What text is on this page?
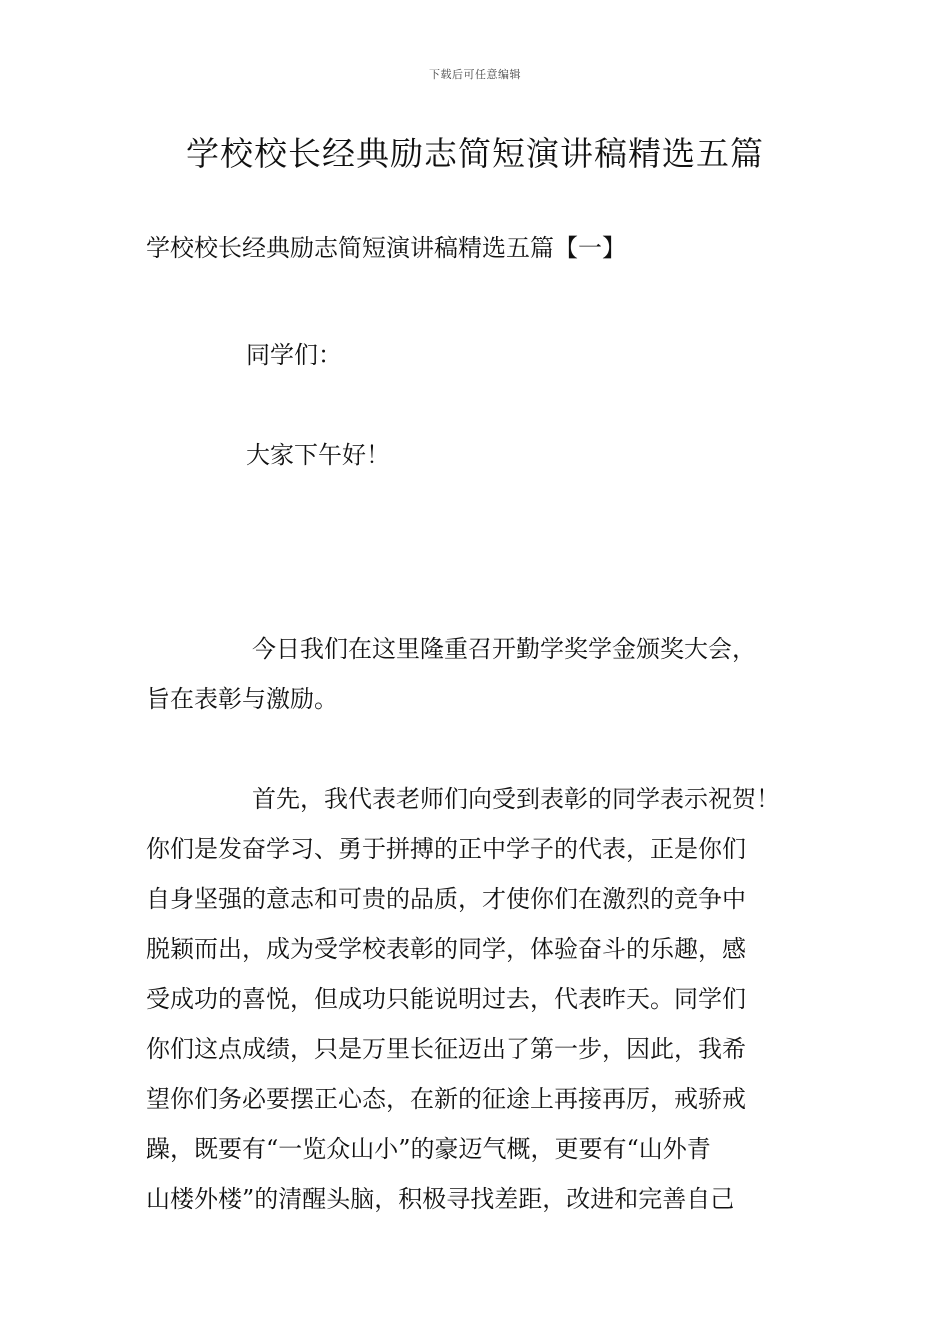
下载后可任意编辑
学校校长经典励志简短演讲稿精选五篇

学校校长经典励志简短演讲稿精选五篇【一】

同学们：

大家下午好！

今日我们在这里隆重召开勤学奖学金颁奖大会，
旨在表彰与激励。
首先，我代表老师们向受到表彰的同学表示祝贺！
你们是发奋学习、勇于拼搏的正中学子的代表，正是你们
自身坚强的意志和可贵的品质，才使你们在激烈的竞争中
脱颖而出，成为受学校表彰的同学，体验奋斗的乐趣，感
受成功的喜悦，但成功只能说明过去，代表昨天。同学们
你们这点成绩，只是万里长征迈出了第一步，因此，我希
望你们务必要摆正心态，在新的征途上再接再厉，戒骄戒
躁，既要有“一览众山小”的豪迈气概，更要有“山外青
山楼外楼”的清醒头脑，积极寻找差距，改进和完善自己
